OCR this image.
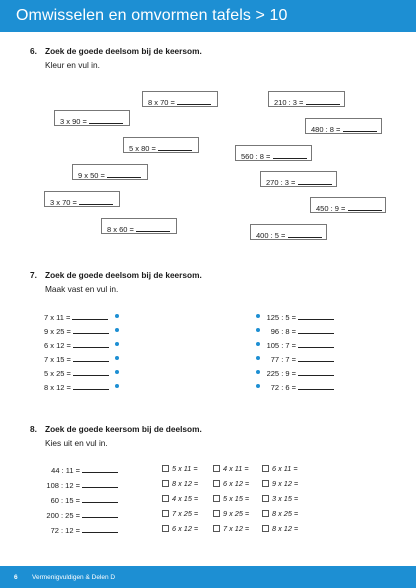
Omwisselen en omvormen tafels > 10
6. Zoek de goede deelsom bij de keersom.
Kleur en vul in.
8 x 70 =
3 x 90 =
5 x 80 =
9 x 50 =
3 x 70 =
8 x 60 =
210 : 3 =
480 : 8 =
560 : 8 =
270 : 3 =
450 : 9 =
400 : 5 =
7. Zoek de goede deelsom bij de keersom.
Maak vast en vul in.
7 x 11 =
9 x 25 =
6 x 12 =
7 x 15 =
5 x 25 =
8 x 12 =
125 : 5 =
96 : 8 =
105 : 7 =
77 : 7 =
225 : 9 =
72 : 6 =
8. Zoek de goede keersom bij de deelsom.
Kies uit en vul in.
44 : 11 =	5 x 11 =	4 x 11 =	6 x 11 =
108 : 12 =	8 x 12 =	6 x 12 =	9 x 12 =
60 : 15 =	4 x 15 =	5 x 15 =	3 x 15 =
200 : 25 =	7 x 25 =	9 x 25 =	8 x 25 =
72 : 12 =	6 x 12 =	7 x 12 =	8 x 12 =
6 Vermenigvuldigen & Delen D
